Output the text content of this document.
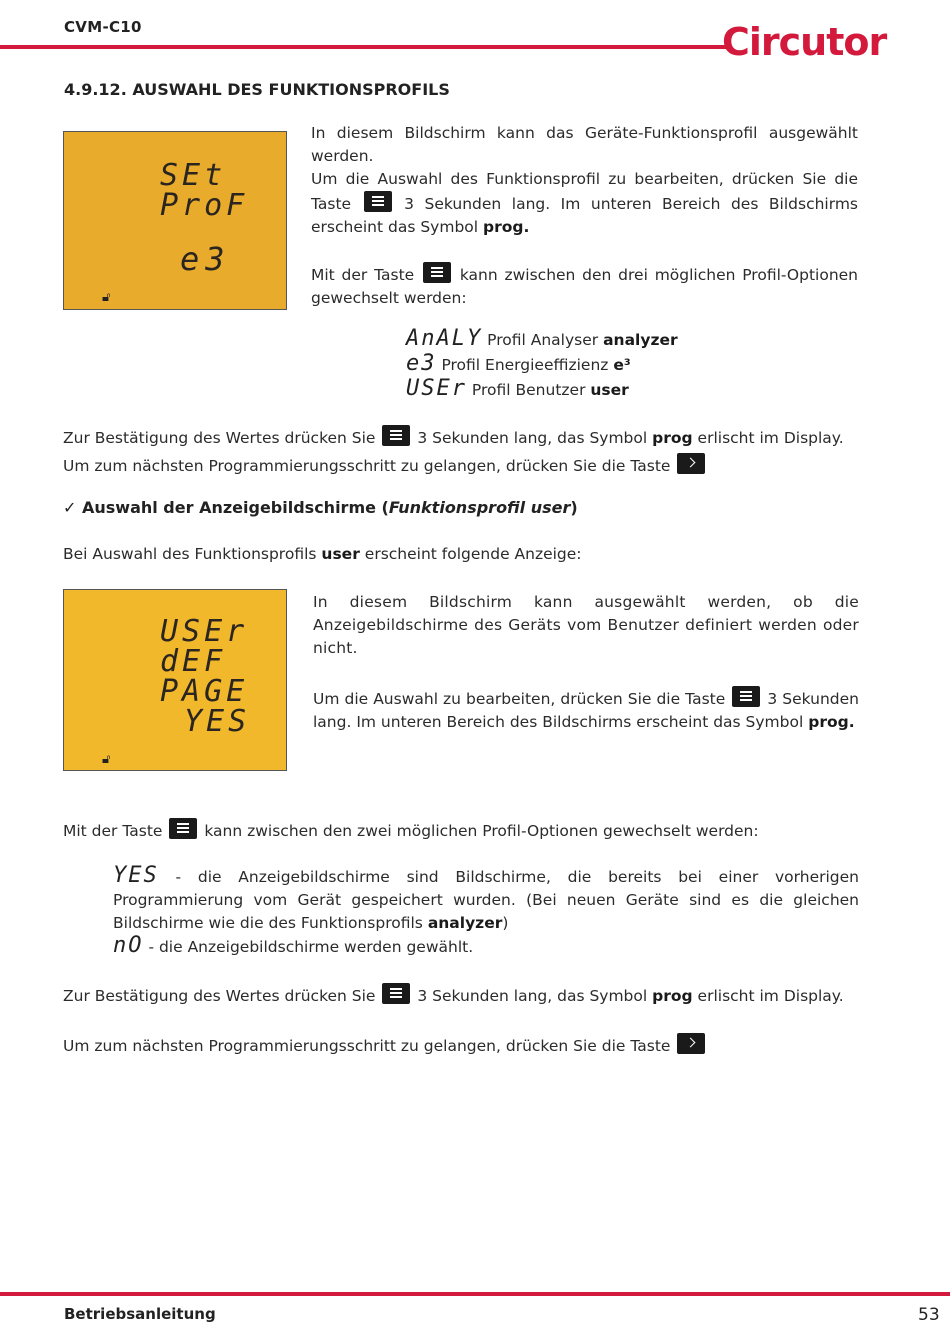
CVM-C10	Circutor
4.9.12. AUSWAHL DES FUNKTIONSPROFILS
SEt
ProF
e3
🔓︎
In diesem Bildschirm kann das Geräte-Funktionsprofil ausgewählt werden.
Um die Auswahl des Funktionsprofil zu bearbeiten, drücken Sie die Taste	3 Sekunden lang. Im unteren Bereich des Bildschirms erscheint das Symbol prog.
Mit der Taste	kann zwischen den drei möglichen Profil-Optionen gewechselt werden:
AnALY Profil Analyser analyzer
e3 Profil Energieeffizienz e³
USEr Profil Benutzer user
Zur Bestätigung des Wertes drücken Sie	3 Sekunden lang, das Symbol prog erlischt im Display.
Um zum nächsten Programmierungsschritt zu gelangen, drücken Sie die Taste
✓ Auswahl der Anzeigebildschirme (Funktionsprofil user)
Bei Auswahl des Funktionsprofils user erscheint folgende Anzeige:
USEr
dEF
PAGE
YES
🔓︎
In diesem Bildschirm kann ausgewählt werden, ob die Anzeigebildschirme des Geräts vom Benutzer definiert werden oder nicht.
Um die Auswahl zu bearbeiten, drücken Sie die Taste	3 Sekunden lang. Im unteren Bereich des Bildschirms erscheint das Symbol prog.
Mit der Taste	kann zwischen den zwei möglichen Profil-Optionen gewechselt werden:
YES - die Anzeigebildschirme sind Bildschirme, die bereits bei einer vorherigen Programmierung vom Gerät gespeichert wurden. (Bei neuen Geräte sind es die gleichen Bildschirme wie die des Funktionsprofils analyzer)
nO - die Anzeigebildschirme werden gewählt.
Zur Bestätigung des Wertes drücken Sie	3 Sekunden lang, das Symbol prog erlischt im Display.
Um zum nächsten Programmierungsschritt zu gelangen, drücken Sie die Taste
Betriebsanleitung	53
